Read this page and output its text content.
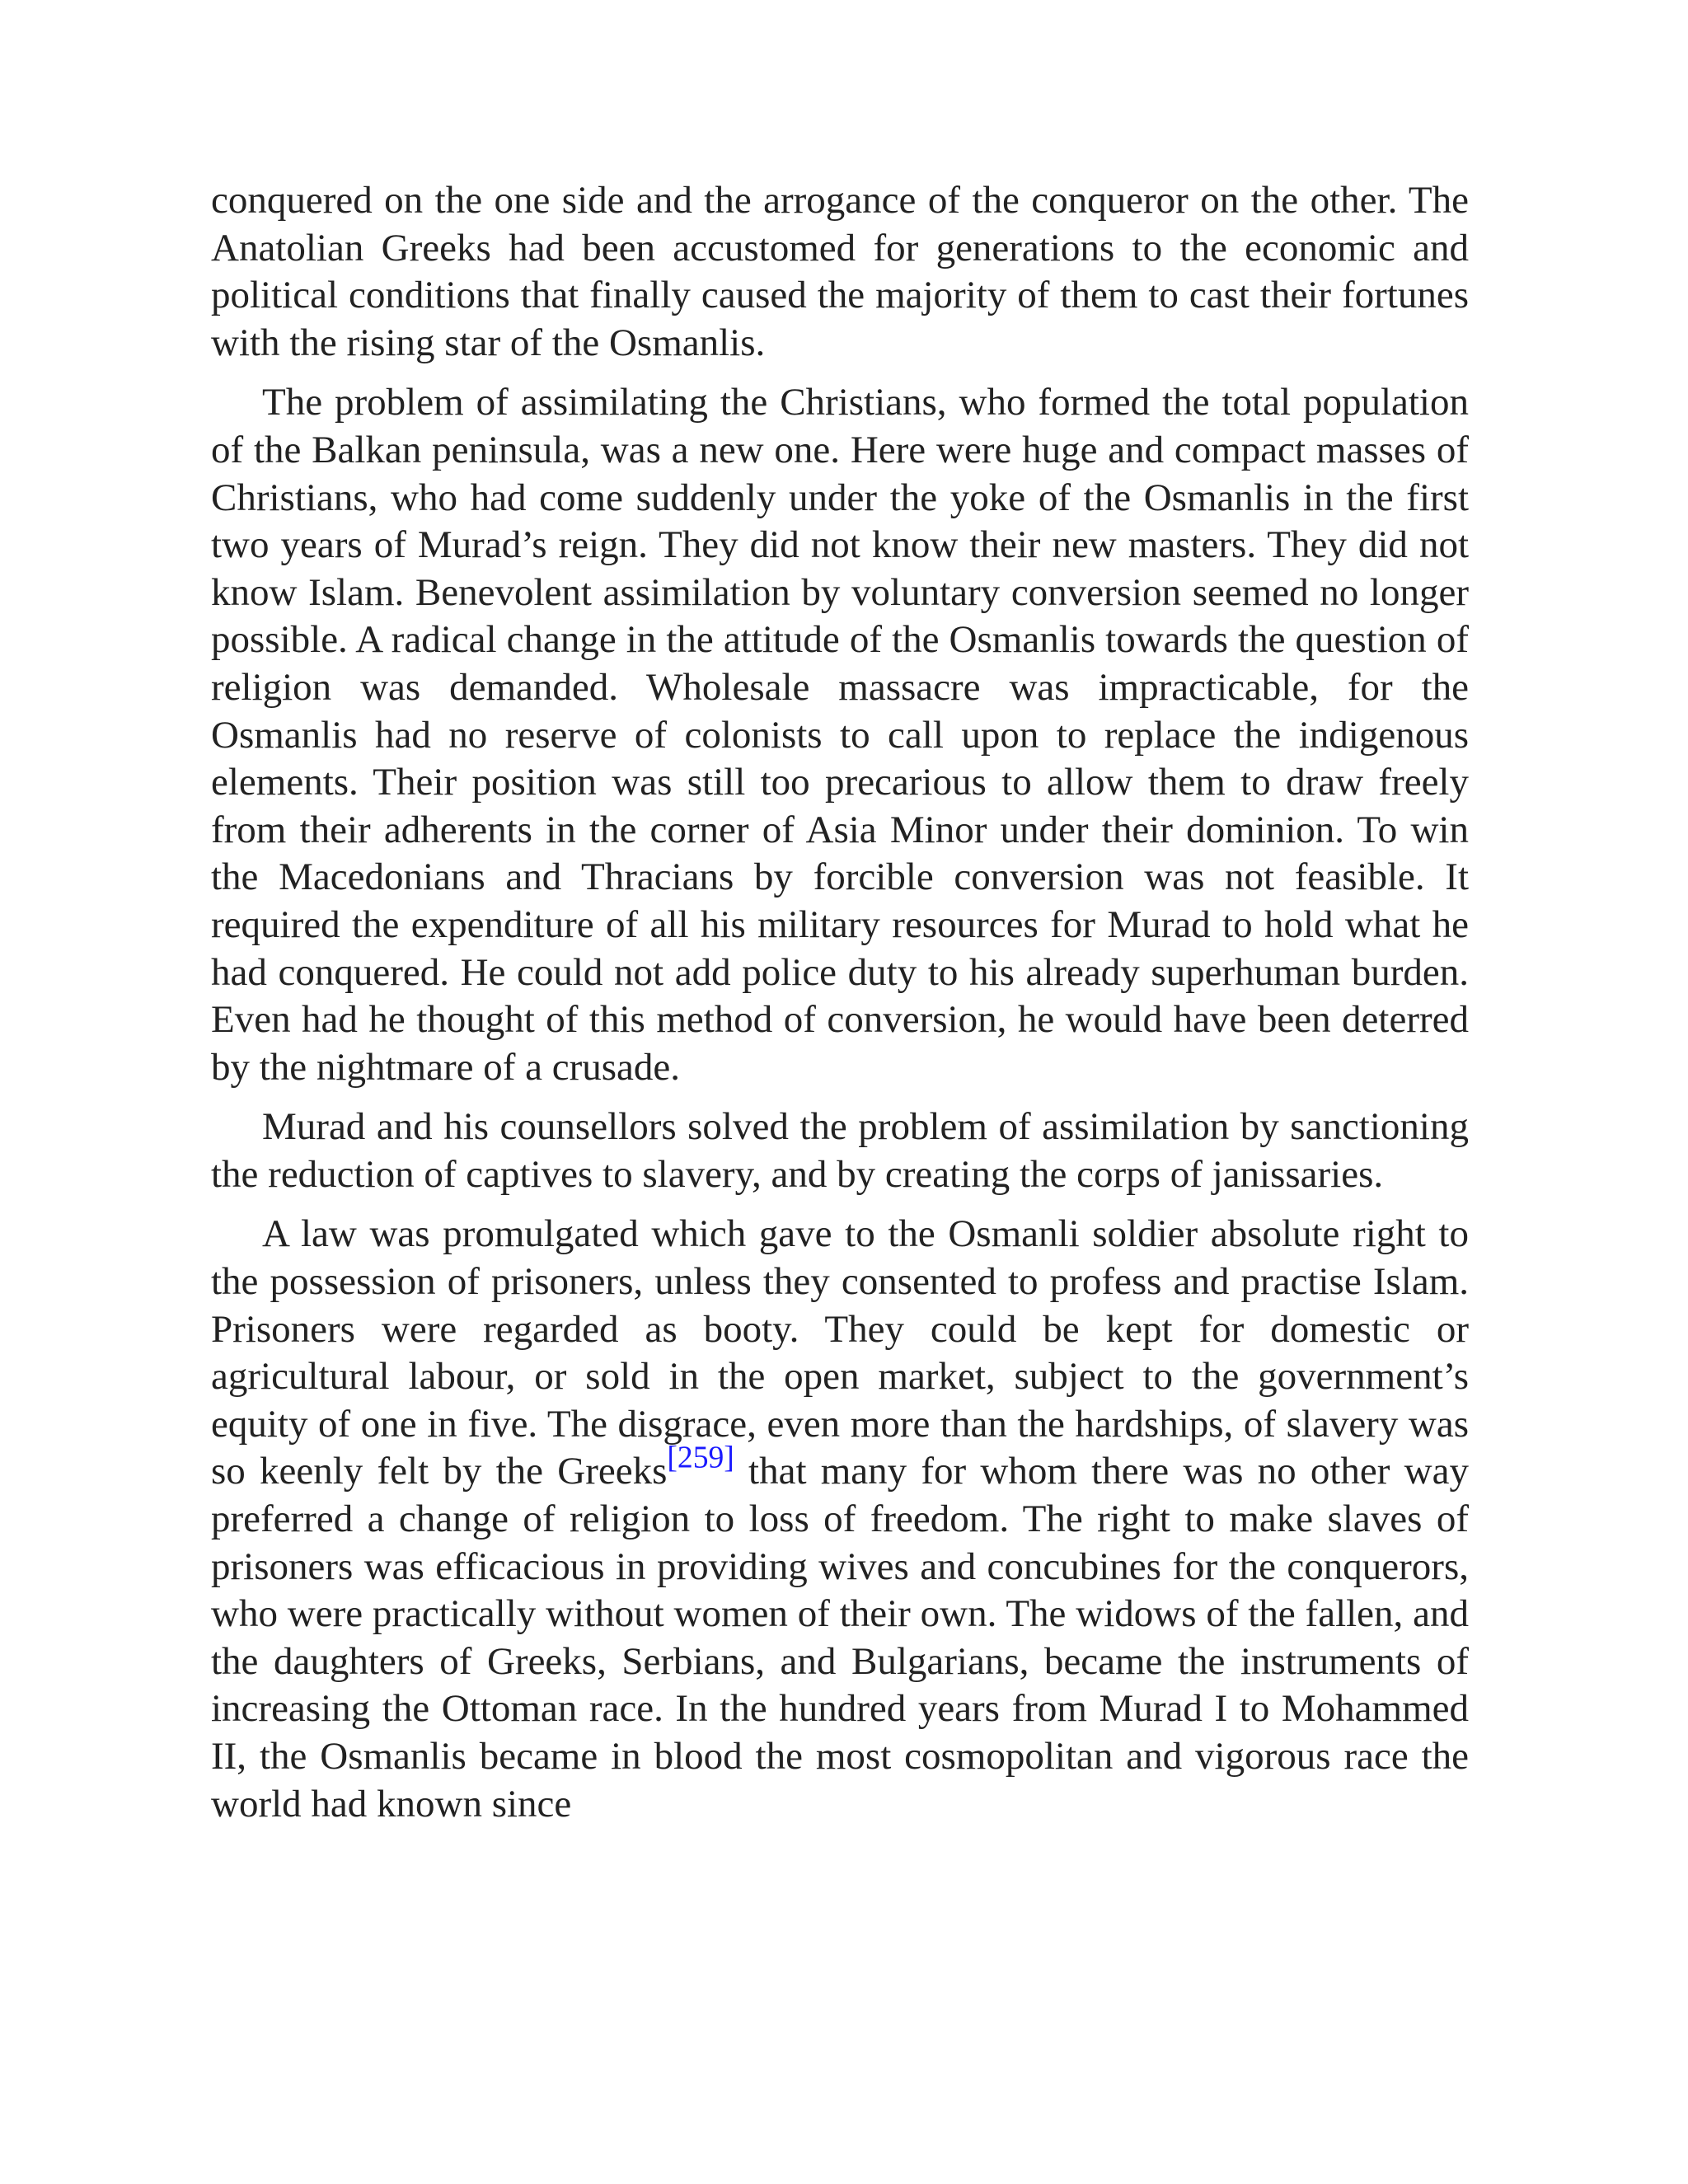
conquered on the one side and the arrogance of the conqueror on the other. The Anatolian Greeks had been accustomed for generations to the economic and political conditions that finally caused the majority of them to cast their fortunes with the rising star of the Osmanlis.

The problem of assimilating the Christians, who formed the total population of the Balkan peninsula, was a new one. Here were huge and compact masses of Christians, who had come suddenly under the yoke of the Osmanlis in the first two years of Murad’s reign. They did not know their new masters. They did not know Islam. Benevolent assimilation by voluntary conversion seemed no longer possible. A radical change in the attitude of the Osmanlis towards the question of religion was demanded. Wholesale massacre was impracticable, for the Osmanlis had no reserve of colonists to call upon to replace the indigenous elements. Their position was still too precarious to allow them to draw freely from their adherents in the corner of Asia Minor under their dominion. To win the Macedonians and Thracians by forcible conversion was not feasible. It required the expenditure of all his military resources for Murad to hold what he had conquered. He could not add police duty to his already superhuman burden. Even had he thought of this method of conversion, he would have been deterred by the nightmare of a crusade.

Murad and his counsellors solved the problem of assimilation by sanctioning the reduction of captives to slavery, and by creating the corps of janissaries.

A law was promulgated which gave to the Osmanli soldier absolute right to the possession of prisoners, unless they consented to profess and practise Islam. Prisoners were regarded as booty. They could be kept for domestic or agricultural labour, or sold in the open market, subject to the government’s equity of one in five. The disgrace, even more than the hardships, of slavery was so keenly felt by the Greeks[259] that many for whom there was no other way preferred a change of religion to loss of freedom. The right to make slaves of prisoners was efficacious in providing wives and concubines for the conquerors, who were practically without women of their own. The widows of the fallen, and the daughters of Greeks, Serbians, and Bulgarians, became the instruments of increasing the Ottoman race. In the hundred years from Murad I to Mohammed II, the Osmanlis became in blood the most cosmopolitan and vigorous race the world had known since
